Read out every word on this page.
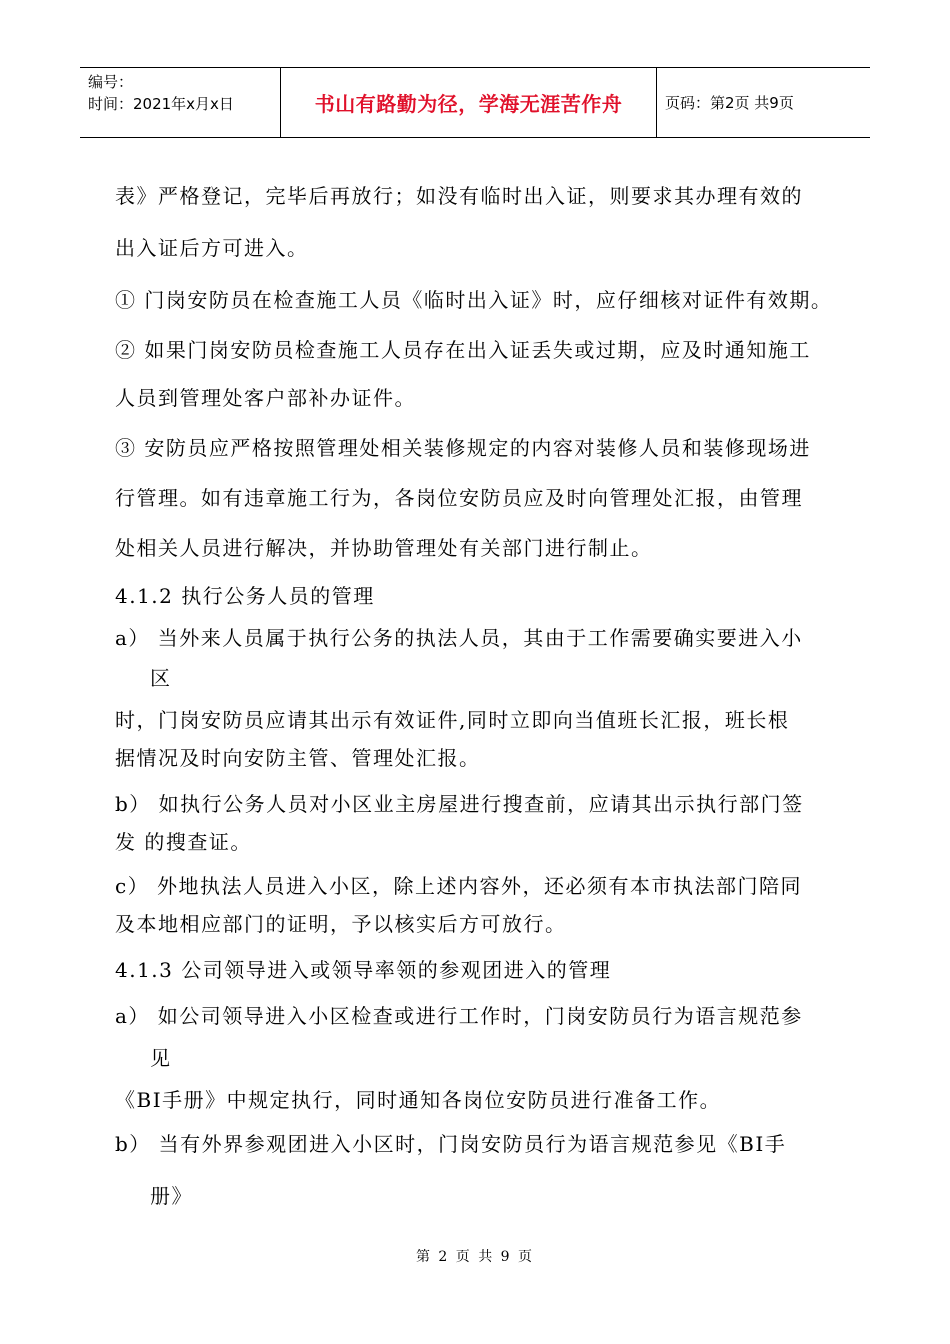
编号：
时间：2021年x月x日	书山有路勤为径，学海无涯苦作舟	页码：第2页 共9页
表》严格登记，完毕后再放行；如没有临时出入证，则要求其办理有效的
出入证后方可进入。
① 门岗安防员在检查施工人员《临时出入证》时，应仔细核对证件有效期。
② 如果门岗安防员检查施工人员存在出入证丢失或过期，应及时通知施工
人员到管理处客户部补办证件。
③ 安防员应严格按照管理处相关装修规定的内容对装修人员和装修现场进
行管理。如有违章施工行为，各岗位安防员应及时向管理处汇报，由管理
处相关人员进行解决，并协助管理处有关部门进行制止。
4.1.2 执行公务人员的管理
a） 当外来人员属于执行公务的执法人员，其由于工作需要确实要进入小
区
时，门岗安防员应请其出示有效证件,同时立即向当值班长汇报，班长根
据情况及时向安防主管、管理处汇报。
b） 如执行公务人员对小区业主房屋进行搜查前，应请其出示执行部门签
发 的搜查证。
c） 外地执法人员进入小区，除上述内容外，还必须有本市执法部门陪同
及本地相应部门的证明，予以核实后方可放行。
4.1.3 公司领导进入或领导率领的参观团进入的管理
a） 如公司领导进入小区检查或进行工作时，门岗安防员行为语言规范参
见
《BI手册》中规定执行，同时通知各岗位安防员进行准备工作。
b） 当有外界参观团进入小区时，门岗安防员行为语言规范参见《BI手
册》
第 2 页 共 9 页
